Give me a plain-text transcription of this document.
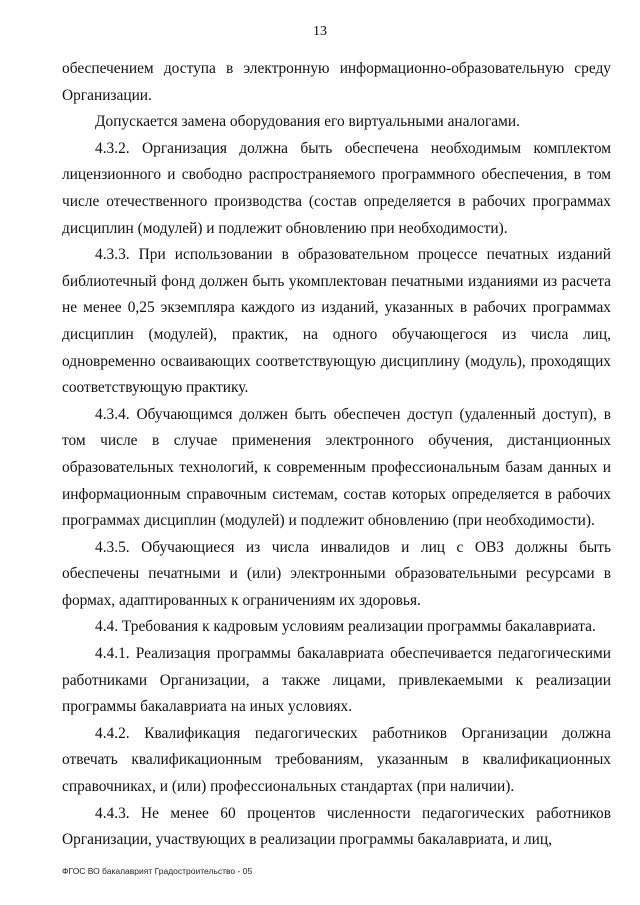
13

обеспечением доступа в электронную информационно-образовательную среду Организации.

Допускается замена оборудования его виртуальными аналогами.

4.3.2. Организация должна быть обеспечена необходимым комплектом лицензионного и свободно распространяемого программного обеспечения, в том числе отечественного производства (состав определяется в рабочих программах дисциплин (модулей) и подлежит обновлению при необходимости).

4.3.3. При использовании в образовательном процессе печатных изданий библиотечный фонд должен быть укомплектован печатными изданиями из расчета не менее 0,25 экземпляра каждого из изданий, указанных в рабочих программах дисциплин (модулей), практик, на одного обучающегося из числа лиц, одновременно осваивающих соответствующую дисциплину (модуль), проходящих соответствующую практику.

4.3.4. Обучающимся должен быть обеспечен доступ (удаленный доступ), в том числе в случае применения электронного обучения, дистанционных образовательных технологий, к современным профессиональным базам данных и информационным справочным системам, состав которых определяется в рабочих программах дисциплин (модулей) и подлежит обновлению (при необходимости).

4.3.5. Обучающиеся из числа инвалидов и лиц с ОВЗ должны быть обеспечены печатными и (или) электронными образовательными ресурсами в формах, адаптированных к ограничениям их здоровья.

4.4. Требования к кадровым условиям реализации программы бакалавриата.

4.4.1. Реализация программы бакалавриата обеспечивается педагогическими работниками Организации, а также лицами, привлекаемыми к реализации программы бакалавриата на иных условиях.

4.4.2. Квалификация педагогических работников Организации должна отвечать квалификационным требованиям, указанным в квалификационных справочниках, и (или) профессиональных стандартах (при наличии).

4.4.3. Не менее 60 процентов численности педагогических работников Организации, участвующих в реализации программы бакалавриата, и лиц,

ФГОС ВО бакалаврият Градостроительство - 05
